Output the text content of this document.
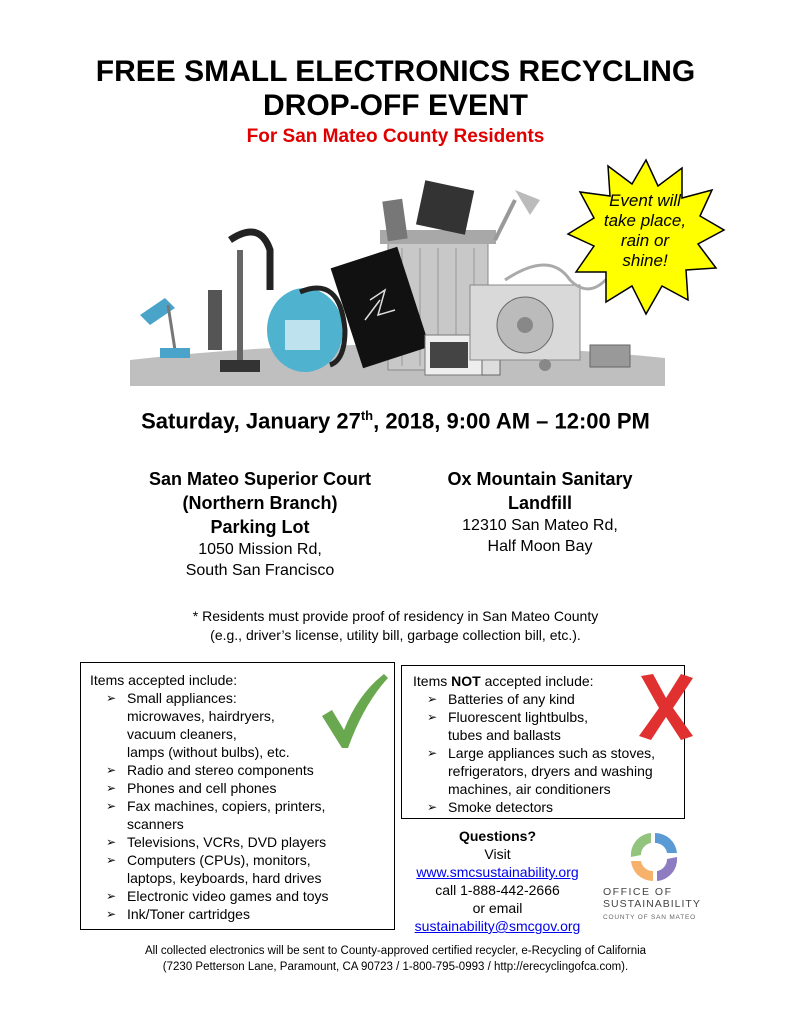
FREE SMALL ELECTRONICS RECYCLING
DROP-OFF EVENT
For San Mateo County Residents
Event will
take place,
rain or
shine!
Saturday, January 27th, 2018, 9:00 AM – 12:00 PM
San Mateo Superior Court
(Northern Branch)
Parking Lot
1050 Mission Rd,
South San Francisco
Ox Mountain Sanitary
Landfill
12310 San Mateo Rd,
Half Moon Bay
* Residents must provide proof of residency in San Mateo County
(e.g., driver’s license, utility bill, garbage collection bill, etc.).
Items accepted include:
➢ Small appliances:
microwaves, hairdryers,
vacuum cleaners,
lamps (without bulbs), etc.
➢ Radio and stereo components
➢ Phones and cell phones
➢ Fax machines, copiers, printers,
scanners
➢ Televisions, VCRs, DVD players
➢ Computers (CPUs), monitors,
laptops, keyboards, hard drives
➢ Electronic video games and toys
➢ Ink/Toner cartridges
Items NOT accepted include:
➢ Batteries of any kind
➢ Fluorescent lightbulbs,
tubes and ballasts
➢ Large appliances such as stoves,
refrigerators, dryers and washing
machines, air conditioners
➢ Smoke detectors
Questions?
Visit
www.smcsustainability.org
call 1-888-442-2666
or email
sustainability@smcgov.org
OFFICE OF
SUSTAINABILITY
COUNTY OF SAN MATEO
All collected electronics will be sent to County-approved certified recycler, e-Recycling of California
(7230 Petterson Lane, Paramount, CA 90723 / 1-800-795-0993 / http://erecyclingofca.com).
